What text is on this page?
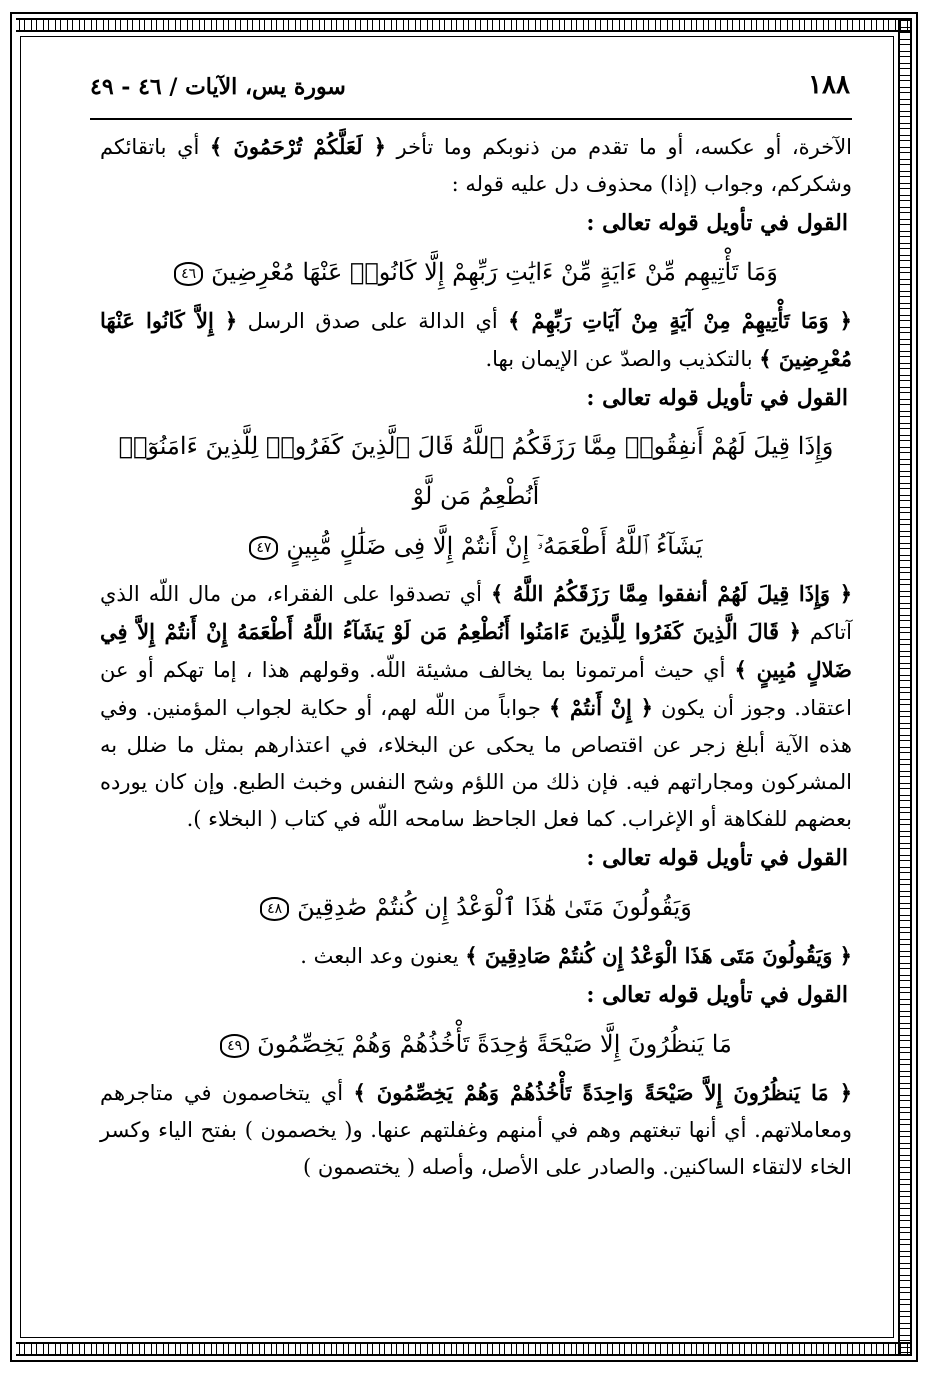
١٨٨
سورة يس، الآيات / ٤٦ - ٤٩

الآخرة، أو عكسه، أو ما تقدم من ذنوبكم وما تأخر ﴿ لَعَلَّكُمْ تُرْحَمُونَ ﴾ أي باتقائكم وشكركم، وجواب (إذا) محذوف دل عليه قوله :

القول في تأويل قوله تعالى :

وَمَا تَأْتِيهِم مِّنْ ءَايَةٍ مِّنْ ءَايَٰتِ رَبِّهِمْ إِلَّا كَانُوا۟ عَنْهَا مُعْرِضِينَ٤٦

﴿ وَمَا تَأْتِيهِمْ مِنْ آيَةٍ مِنْ آيَاتِ رَبِّهِمْ ﴾ أي الدالة على صدق الرسل ﴿ إِلاَّ كَانُوا عَنْهَا مُعْرِضِينَ ﴾ بالتكذيب والصدّ عن الإيمان بها.

القول في تأويل قوله تعالى :

وَإِذَا قِيلَ لَهُمْ أَنفِقُوا۟ مِمَّا رَزَقَكُمُ ٱللَّهُ قَالَ ٱلَّذِينَ كَفَرُوا۟ لِلَّذِينَ ءَامَنُوٓا۟ أَنُطْعِمُ مَن لَّوْ
يَشَآءُ ٱللَّهُ أَطْعَمَهُۥٓ إِنْ أَنتُمْ إِلَّا فِى ضَلَٰلٍ مُّبِينٍ٤٧

﴿ وَإِذَا قِيلَ لَهُمْ أنفقوا مِمَّا رَزَقَكُمُ اللَّهُ ﴾ أي تصدقوا على الفقراء، من مال اللّه الذي آتاكم ﴿ قَالَ الَّذِينَ كَفَرُوا لِلَّذِينَ ءَامَنُوا أَنُطْعِمُ مَن لَوْ يَشَآءُ اللَّهُ أَطْعَمَهُ إِنْ أَنتُمْ إِلاَّ فِي ضَلالٍ مُبِينٍ ﴾ أي حيث أمرتمونا بما يخالف مشيئة اللّه. وقولهم هذا ، إما تهكم أو عن اعتقاد. وجوز أن يكون ﴿ إِنْ أَنتُمْ ﴾ جواباً من اللّه لهم، أو حكاية لجواب المؤمنين. وفي هذه الآية أبلغ زجر عن اقتصاص ما يحكى عن البخلاء، في اعتذارهم بمثل ما ضلل به المشركون ومجاراتهم فيه. فإن ذلك من اللؤم وشح النفس وخبث الطبع. وإن كان يورده بعضهم للفكاهة أو الإغراب. كما فعل الجاحظ سامحه اللّه في كتاب ( البخلاء ).

القول في تأويل قوله تعالى :

وَيَقُولُونَ مَتَىٰ هَٰذَا ٱلْوَعْدُ إِن كُنتُمْ صَٰدِقِينَ٤٨

﴿ وَيَقُولُونَ مَتَى هَذَا الْوَعْدُ إِن كُنتُمْ صَادِقِينَ ﴾ يعنون وعد البعث .

القول في تأويل قوله تعالى :

مَا يَنظُرُونَ إِلَّا صَيْحَةً وَٰحِدَةً تَأْخُذُهُمْ وَهُمْ يَخِصِّمُونَ٤٩

﴿ مَا يَنظُرُونَ إِلاَّ صَيْحَةً وَاحِدَةً تَأْخُذُهُمْ وَهُمْ يَخِصِّمُونَ ﴾ أي يتخاصمون في متاجرهم ومعاملاتهم. أي أنها تبغتهم وهم في أمنهم وغفلتهم عنها. و( يخصمون ) بفتح الياء وكسر الخاء لالتقاء الساكنين. والصادر على الأصل، وأصله ( يختصمون )
